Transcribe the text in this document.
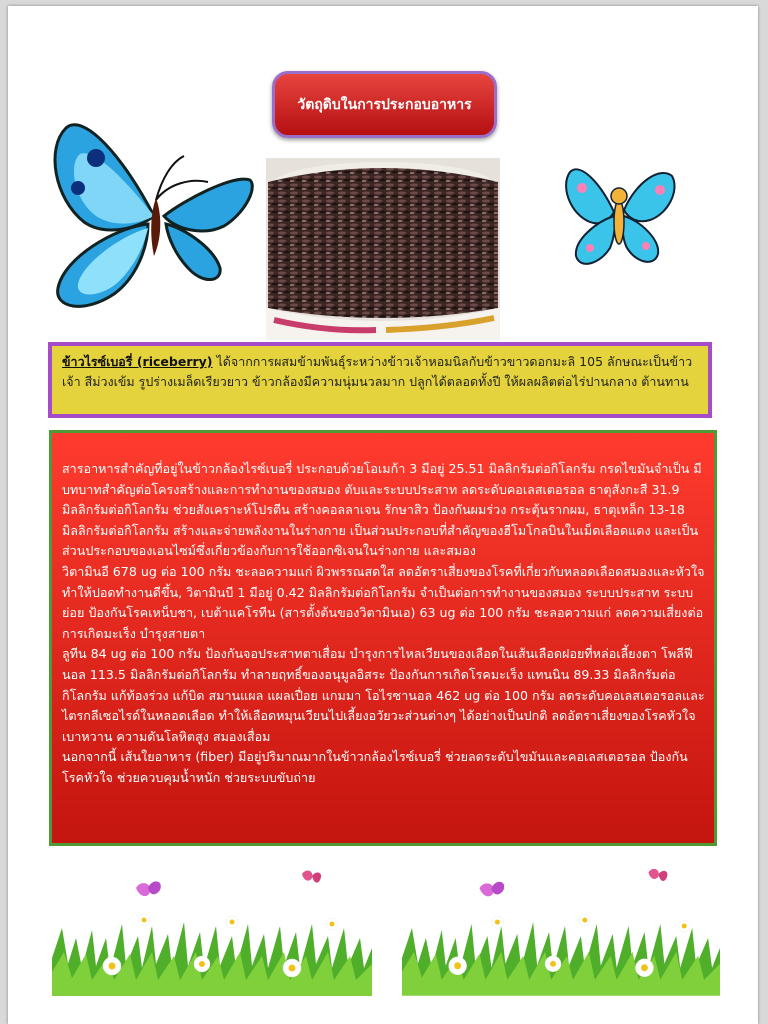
วัตถุดิบในการประกอบอาหาร
ข้าวไรซ์เบอรี่ (riceberry) ได้จากการผสมข้ามพันธุ์ระหว่างข้าวเจ้าหอมนิลกับข้าวขาวดอกมะลิ 105 ลักษณะเป็นข้าวเจ้า สีม่วงเข้ม รูปร่างเมล็ดเรียวยาว ข้าวกล้องมีความนุ่มนวลมาก ปลูกได้ตลอดทั้งปี ให้ผลผลิตต่อไร่ปานกลาง ต้านทาน

สารอาหารสำคัญที่อยู่ในข้าวกล้องไรซ์เบอรี่ ประกอบด้วยโอเมก้า 3 มีอยู่ 25.51 มิลลิกรัมต่อกิโลกรัม กรดไขมันจำเป็น มีบทบาทสำคัญต่อโครงสร้างและการทำงานของสมอง ตับและระบบประสาท ลดระดับคอเลสเตอรอล ธาตุสังกะสี 31.9 มิลลิกรัมต่อกิโลกรัม ช่วยสังเคราะห์โปรตีน สร้างคอลลาเจน รักษาสิว ป้องกันผมร่วง กระตุ้นรากผม, ธาตุเหล็ก 13-18 มิลลิกรัมต่อกิโลกรัม สร้างและจ่ายพลังงานในร่างกาย เป็นส่วนประกอบที่สำคัญของฮีโมโกลบินในเม็ดเลือดแดง และเป็นส่วนประกอบของเอนไซม์ซึ่งเกี่ยวข้องกับการใช้ออกซิเจนในร่างกาย และสมอง

วิตามินอี 678 ug ต่อ 100 กรัม ชะลอความแก่ ผิวพรรณสดใส ลดอัตราเสี่ยงของโรคที่เกี่ยวกับหลอดเลือดสมองและหัวใจ ทำให้ปอดทำงานดีขึ้น, วิตามินบี 1 มีอยู่ 0.42 มิลลิกรัมต่อกิโลกรัม จำเป็นต่อการทำงานของสมอง ระบบประสาท ระบบย่อย ป้องกันโรคเหน็บชา, เบต้าแคโรทีน (สารตั้งต้นของวิตามินเอ) 63 ug ต่อ 100 กรัม ชะลอความแก่ ลดความเสี่ยงต่อการเกิดมะเร็ง บำรุงสายตา

ลูทีน 84 ug ต่อ 100 กรัม ป้องกันจอประสาทตาเสื่อม บำรุงการไหลเวียนของเลือดในเส้นเลือดฝอยที่หล่อเลี้ยงตา โพลีฟีนอล 113.5 มิลลิกรัมต่อกิโลกรัม ทำลายฤทธิ์ของอนุมูลอิสระ ป้องกันการเกิดโรคมะเร็ง แทนนิน 89.33 มิลลิกรัมต่อกิโลกรัม แก้ท้องร่วง แก้บิด สมานแผล แผลเปื่อย แกมมา โอไรซานอล 462 ug ต่อ 100 กรัม ลดระดับคอเลสเตอรอลและไตรกลีเซอไรด์ในหลอดเลือด ทำให้เลือดหมุนเวียนไปเลี้ยงอวัยวะส่วนต่างๆ ได้อย่างเป็นปกติ ลดอัตราเสี่ยงของโรคหัวใจ เบาหวาน ความดันโลหิตสูง สมองเสื่อม

นอกจากนี้ เส้นใยอาหาร (fiber) มีอยู่ปริมาณมากในข้าวกล้องไรซ์เบอรี่ ช่วยลดระดับไขมันและคอเลสเตอรอล ป้องกันโรคหัวใจ ช่วยควบคุมน้ำหนัก ช่วยระบบขับถ่าย
